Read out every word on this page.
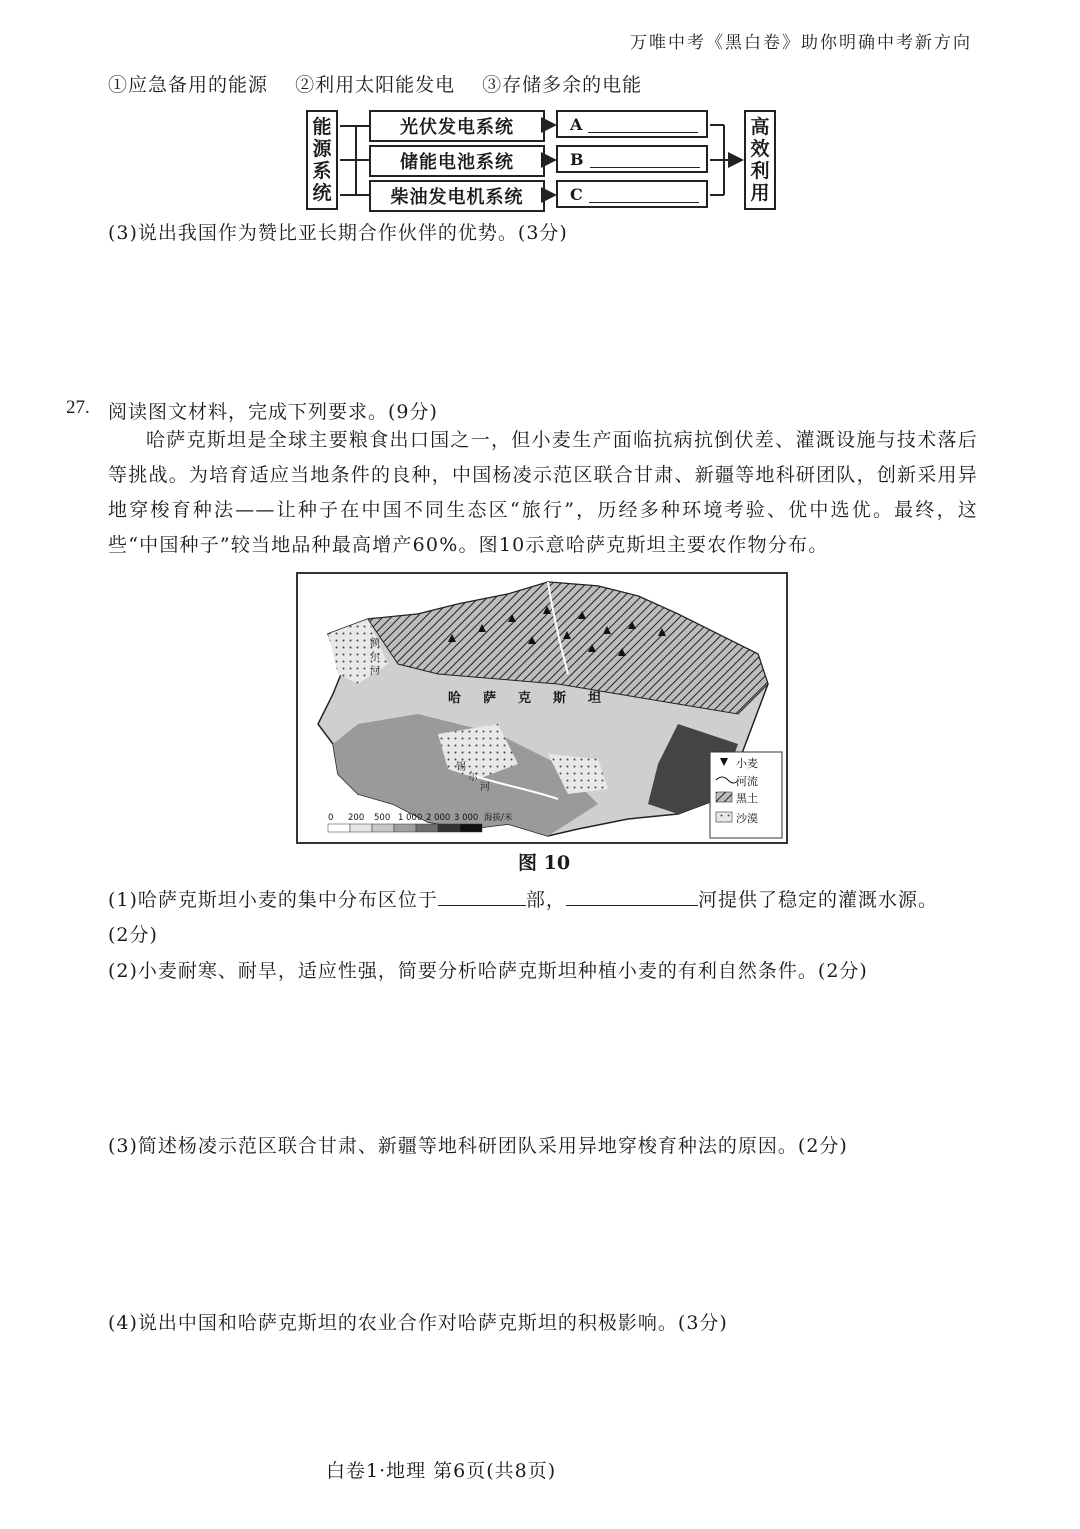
万唯中考《黑白卷》助你明确中考新方向
①应急备用的能源 ②利用太阳能发电 ③存储多余的电能
能
源
系
统
光伏发电系统
储能电池系统
柴油发电机系统
A
B
C
高
效
利
用
(3)说出我国作为赞比亚长期合作伙伴的优势。(3分)
27. 阅读图文材料，完成下列要求。(9分)
哈萨克斯坦是全球主要粮食出口国之一，但小麦生产面临抗病抗倒伏差、灌溉设施与技术落后等挑战。为培育适应当地条件的良种，中国杨凌示范区联合甘肃、新疆等地科研团队，创新采用异地穿梭育种法——让种子在中国不同生态区“旅行”，历经多种环境考验、优中选优。最终，这些“中国种子”较当地品种最高增产60%。图10示意哈萨克斯坦主要农作物分布。
哈 萨 克 斯 坦
额
尔
河
锡
尔
河
小麦
河流
黑土
沙漠
0 200 500 1 000 2 000 3 000 海拔/米
图 10
(1)哈萨克斯坦小麦的集中分布区位于	部，	河提供了稳定的灌溉水源。
(2分)
(2)小麦耐寒、耐旱，适应性强，简要分析哈萨克斯坦种植小麦的有利自然条件。(2分)
(3)简述杨凌示范区联合甘肃、新疆等地科研团队采用异地穿梭育种法的原因。(2分)
(4)说出中国和哈萨克斯坦的农业合作对哈萨克斯坦的积极影响。(3分)
白卷1·地理 第6页(共8页)
